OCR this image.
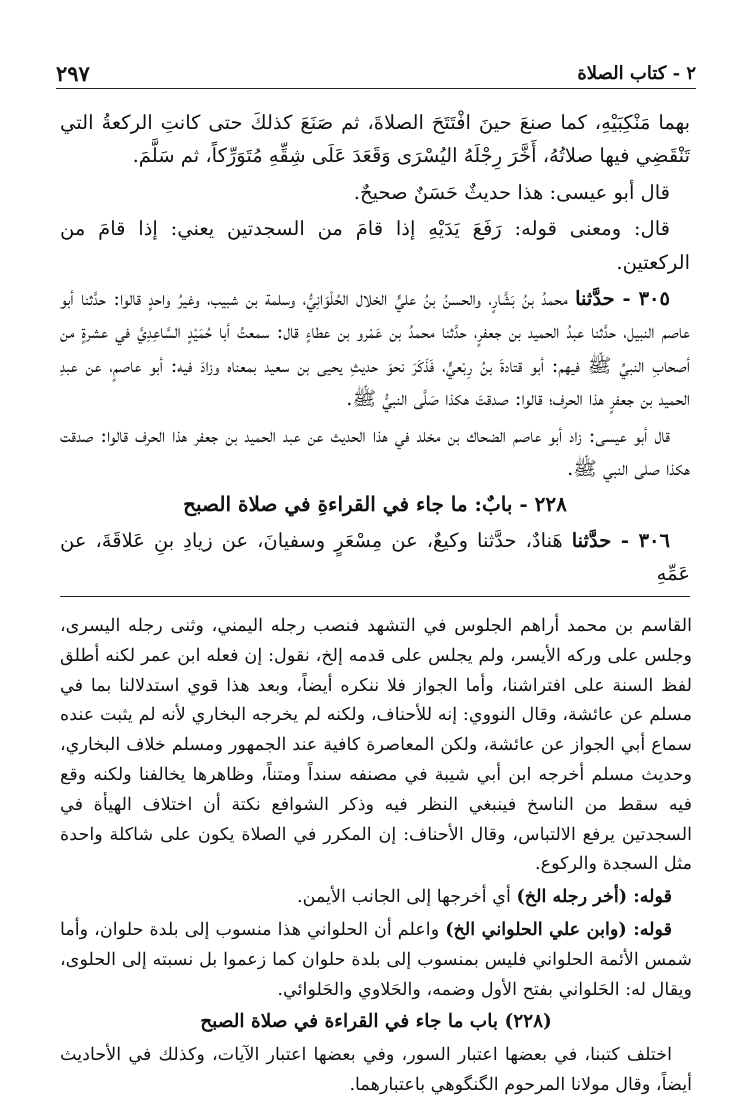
٢ - كتاب الصلاة
٢٩٧

بهما مَنْكِبَيْهِ، كما صنعَ حينَ افْتَتَحَ الصلاةَ، ثم صَنَعَ كذلكَ حتى كانتِ الركعةُ التي تَنْقَضِي فيها صلاتُهُ، أَخَّرَ رِجْلَهُ اليُسْرَى وَقَعَدَ عَلَى شِقِّهِ مُتَوَرِّكاً، ثم سَلَّمَ.

قال أبو عيسى: هذا حديثٌ حَسَنٌ صحيحٌ.

قال: ومعنى قوله: رَفَعَ يَدَيْهِ إذا قامَ من السجدتين يعني: إذا قامَ من الركعتين.

٣٠٥ - حدَّثنا محمدُ بنُ بَشَّارٍ، والحسنُ بنُ عليٍّ الخلال الحُلْوَانِيُّ، وسلمة بن شبيب، وغيرُ واحدٍ قالوا: حدَّثنا أبو عاصم النبيل، حدَّثنا عبدُ الحميد بن جعفرٍ، حدَّثنا محمدُ بن عَمْرو بن عطاءٍ قال: سمعتُ أبا حُمَيْدٍ السَّاعِدِيَّ في عشرةٍ من أصحابِ النبيِّ ﷺ فيهم: أبو قتادةَ بنُ رِبْعيٍّ، فَذَكَرَ نحوَ حديثِ يحيى بن سعيد بمعناه وزادَ فيه: أبو عاصمٍ، عن عبدِ الحميد بن جعفرٍ هذا الحرف؛ قالوا: صدقتَ هكذا صَلَّى النبيُّ ﷺ.

قال أبو عيسى: زاد أبو عاصم الضحاك بن مخلد في هذا الحديث عن عبد الحميد بن جعفر هذا الحرف قالوا: صدقت هكذا صلى النبي ﷺ.

٢٢٨ - بابٌ: ما جاء في القراءةِ في صلاة الصبح

٣٠٦ - حدَّثنا هَنادٌ، حدَّثنا وكيعٌ، عن مِسْعَرٍ وسفيانَ، عن زيادِ بنِ عَلاقَةَ، عن عَمِّهِ

القاسم بن محمد أراهم الجلوس في التشهد فنصب رجله اليمني، وثنى رجله اليسرى، وجلس على وركه الأيسر، ولم يجلس على قدمه إلخ، نقول: إن فعله ابن عمر لكنه أطلق لفظ السنة على افتراشنا، وأما الجواز فلا ننكره أيضاً، وبعد هذا قوي استدلالنا بما في مسلم عن عائشة، وقال النووي: إنه للأحناف، ولكنه لم يخرجه البخاري لأنه لم يثبت عنده سماع أبي الجواز عن عائشة، ولكن المعاصرة كافية عند الجمهور ومسلم خلاف البخاري، وحديث مسلم أخرجه ابن أبي شيبة في مصنفه سنداً ومتناً، وظاهرها يخالفنا ولكنه وقع فيه سقط من الناسخ فينبغي النظر فيه وذكر الشوافع نكتة أن اختلاف الهيأة في السجدتين يرفع الالتباس، وقال الأحناف: إن المكرر في الصلاة يكون على شاكلة واحدة مثل السجدة والركوع.

قوله: (أخر رجله الخ) أي أخرجها إلى الجانب الأيمن.

قوله: (وابن علي الحلواني الخ) واعلم أن الحلواني هذا منسوب إلى بلدة حلوان، وأما شمس الأئمة الحلواني فليس بمنسوب إلى بلدة حلوان كما زعموا بل نسبته إلى الحلوى، ويقال له: الحَلواني بفتح الأول وضمه، والحَلاوي والحَلوائي.

(٢٢٨) باب ما جاء في القراءة في صلاة الصبح

اختلف كتبنا، في بعضها اعتبار السور، وفي بعضها اعتبار الآيات، وكذلك في الأحاديث أيضاً، وقال مولانا المرحوم الگنگوهي باعتبارهما.
